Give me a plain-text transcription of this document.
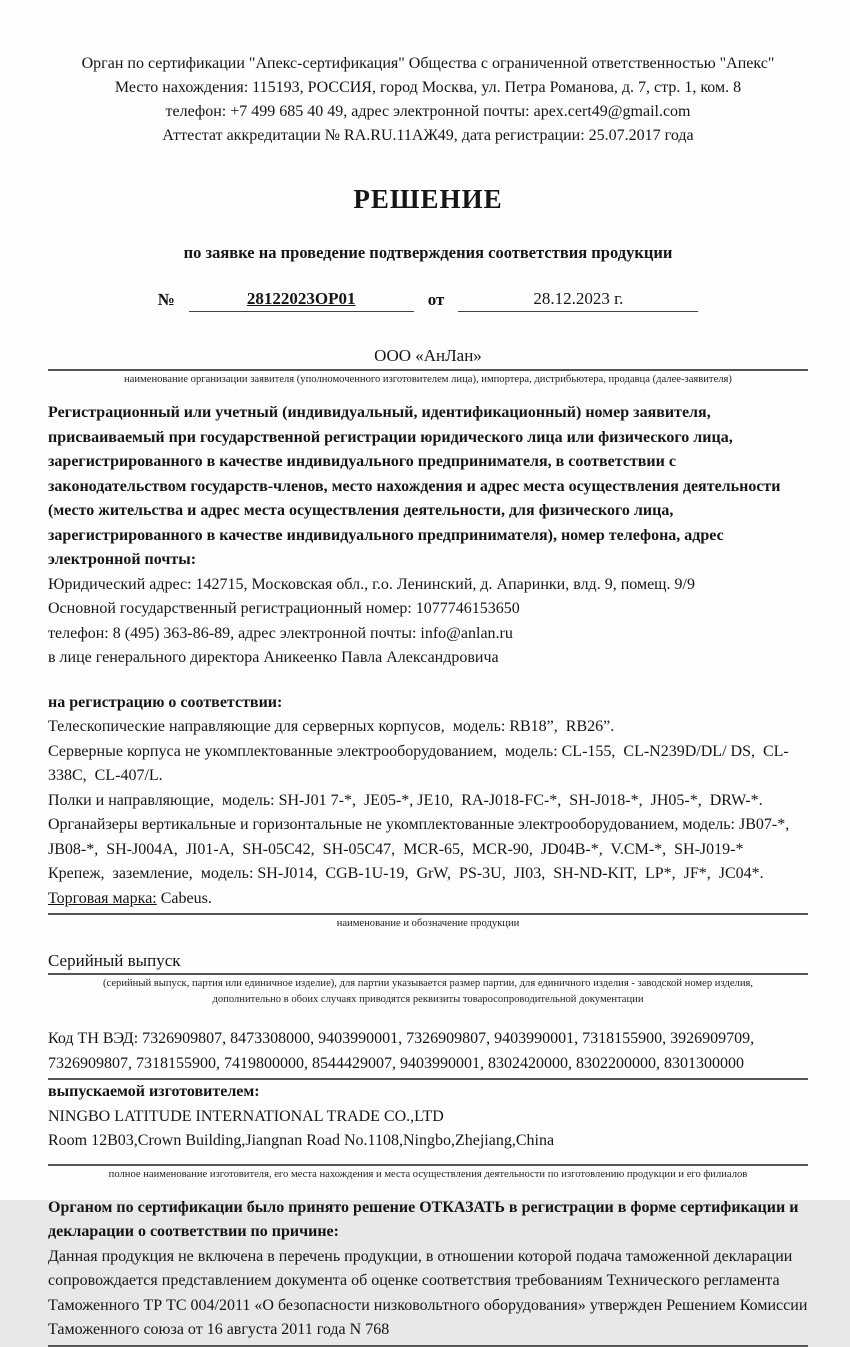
Орган по сертификации "Апекс-сертификация" Общества с ограниченной ответственностью "Апекс"
Место нахождения: 115193, РОССИЯ, город Москва, ул. Петра Романова, д. 7, стр. 1, ком. 8
телефон: +7 499 685 40 49, адрес электронной почты: apex.cert49@gmail.com
Аттестат аккредитации № RA.RU.11АЖ49, дата регистрации: 25.07.2017 года
РЕШЕНИЕ
по заявке на проведение подтверждения соответствия продукции
№	28122023ОР01	от	28.12.2023 г.
ООО «АнЛан»
наименование организации заявителя (уполномоченного изготовителем лица), импортера, дистрибьютера, продавца (далее-заявителя)
Регистрационный или учетный (индивидуальный, идентификационный) номер заявителя, присваиваемый при государственной регистрации юридического лица или физического лица, зарегистрированного в качестве индивидуального предпринимателя, в соответствии с законодательством государств-членов, место нахождения и адрес места осуществления деятельности (место жительства и адрес места осуществления деятельности, для физического лица, зарегистрированного в качестве индивидуального предпринимателя), номер телефона, адрес электронной почты:
Юридический адрес: 142715, Московская обл., г.о. Ленинский, д. Апаринки, влд. 9, помещ. 9/9
Основной государственный регистрационный номер: 1077746153650
телефон: 8 (495) 363-86-89, адрес электронной почты: info@anlan.ru
в лице генерального директора Аникеенко Павла Александровича
на регистрацию о соответствии:
Телескопические направляющие для серверных корпусов,  модель: RB18”,  RB26”.
Серверные корпуса не укомплектованные электрооборудованием,  модель: CL-155,  CL-N239D/DL/ DS,  CL-338C,  CL-407/L.
Полки и направляющие,  модель: SH-J01 7-*,  JE05-*, JE10,  RA-J018-FC-*,  SH-J018-*,  JH05-*,  DRW-*. Органайзеры вертикальные и горизонтальные не укомплектованные электрооборудованием, модель: JB07-*,  JB08-*,  SH-J004A,  JI01-A,  SH-05C42,  SH-05C47,  MCR-65,  MCR-90,  JD04B-*,  V.CM-*,  SH-J019-*
Крепеж,  заземление,  модель: SH-J014,  CGB-1U-19,  GrW,  PS-3U,  JI03,  SH-ND-KIT,  LP*,  JF*,  JC04*. Торговая марка: Cabeus.
наименование и обозначение продукции
Серийный выпуск
(серийный выпуск, партия или единичное изделие), для партии указывается размер партии, для единичного изделия - заводской номер изделия,
дополнительно в обоих случаях приводятся реквизиты товаросопроводительной документации
Код ТН ВЭД: 7326909807, 8473308000, 9403990001, 7326909807, 9403990001, 7318155900, 3926909709, 7326909807, 7318155900, 7419800000, 8544429007, 9403990001, 8302420000, 8302200000, 8301300000
выпускаемой изготовителем:
NINGBO LATITUDE INTERNATIONAL TRADE CO.,LTD
Room 12B03,Crown Building,Jiangnan Road No.1108,Ningbo,Zhejiang,China
полное наименование изготовителя, его места нахождения и места осуществления деятельности по изготовлению продукции и его филиалов
Органом по сертификации было принято решение ОТКАЗАТЬ в регистрации в форме сертификации и декларации о соответствии по причине:
Данная продукция не включена в перечень продукции, в отношении которой подача таможенной декларации сопровождается представлением документа об оценке соответствия требованиям Технического регламента Таможенного ТР ТС 004/2011 «О безопасности низковольтного оборудования» утвержден Решением Комиссии Таможенного союза от 16 августа 2011 года N 768
